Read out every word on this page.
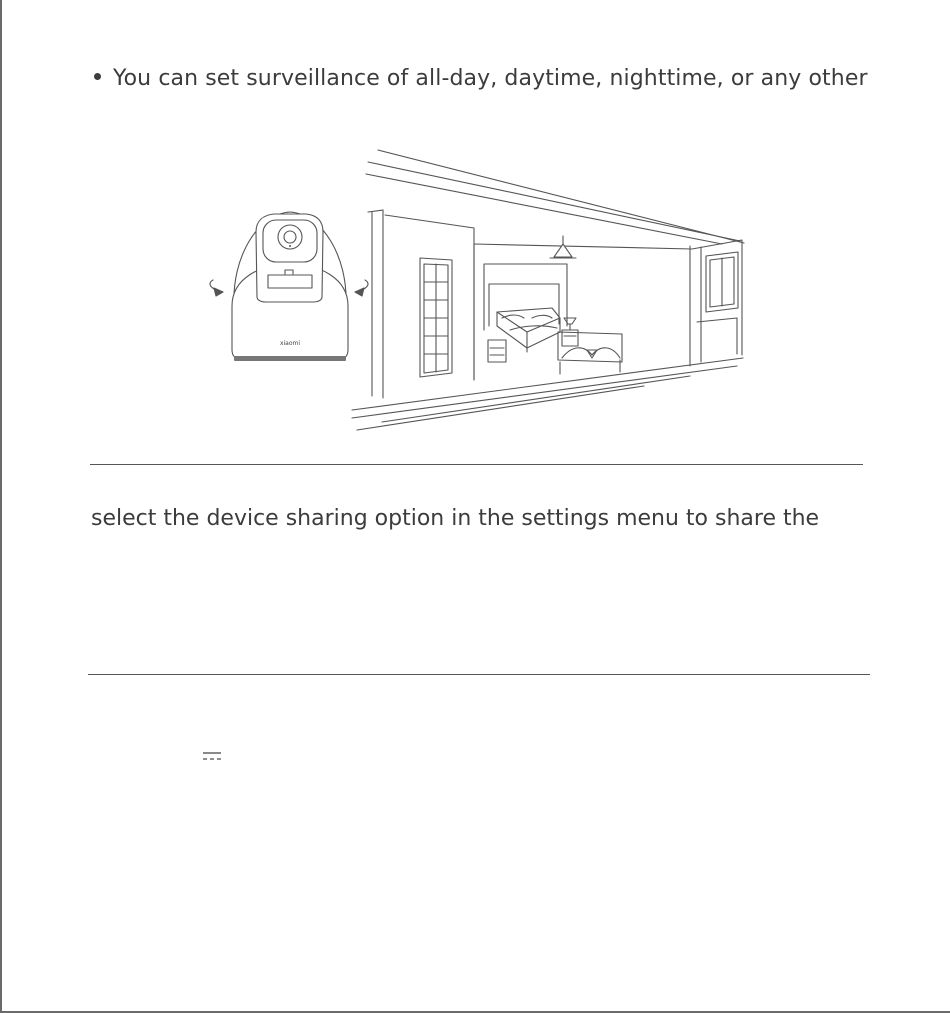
You can set surveillance of all-day, daytime, nighttime, or any other
xiaomi
select the device sharing option in the settings menu to share the
